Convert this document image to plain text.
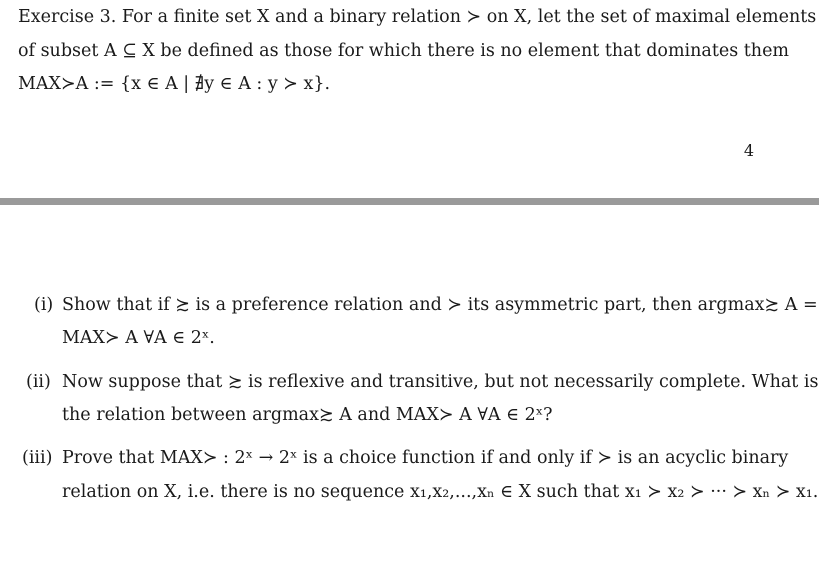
Exercise 3. For a finite set X and a binary relation ≻ on X, let the set of maximal elements
of subset A ⊆ X be defined as those for which there is no element that dominates them
MAX≻A := {x ∈ A | ∄y ∈ A : y ≻ x}.
4
(i) Show that if ≿ is a preference relation and ≻ its asymmetric part, then argmax≿ A =
MAX≻ A ∀A ∈ 2ˣ.
(ii) Now suppose that ≿ is reflexive and transitive, but not necessarily complete. What is
the relation between argmax≿ A and MAX≻ A ∀A ∈ 2ˣ?
(iii) Prove that MAX≻ : 2ˣ → 2ˣ is a choice function if and only if ≻ is an acyclic binary
relation on X, i.e. there is no sequence x₁,x₂,...,xₙ ∈ X such that x₁ ≻ x₂ ≻ ··· ≻ xₙ ≻ x₁.
